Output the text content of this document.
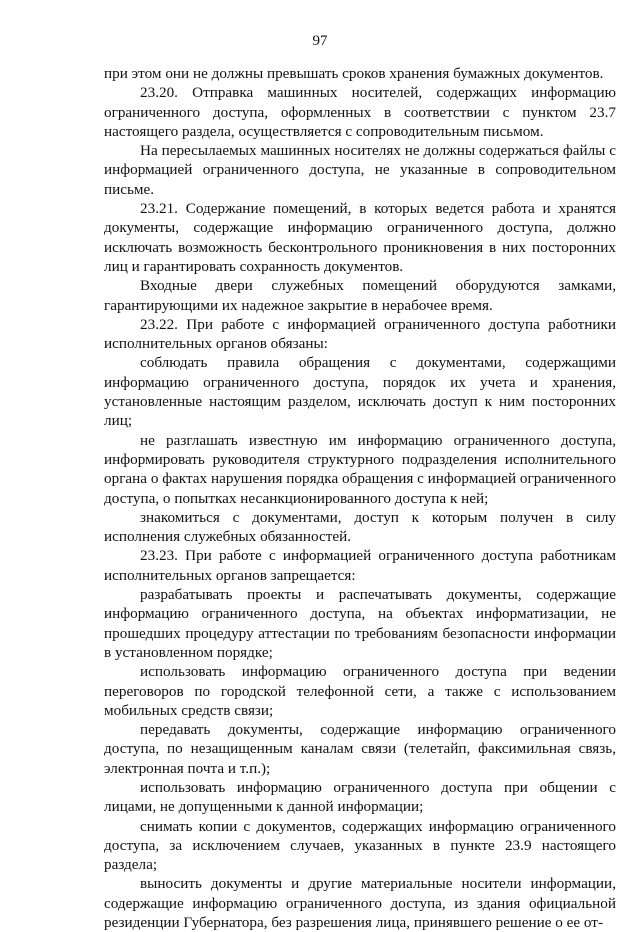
97

при этом они не должны превышать сроков хранения бумажных документов.

23.20. Отправка машинных носителей, содержащих информацию ограниченного доступа, оформленных в соответствии с пунктом 23.7 настоящего раздела, осуществляется с сопроводительным письмом.

На пересылаемых машинных носителях не должны содержаться файлы с информацией ограниченного доступа, не указанные в сопроводительном письме.

23.21. Содержание помещений, в которых ведется работа и хранятся документы, содержащие информацию ограниченного доступа, должно исключать возможность бесконтрольного проникновения в них посторонних лиц и гарантировать сохранность документов.

Входные двери служебных помещений оборудуются замками, гарантирующими их надежное закрытие в нерабочее время.

23.22. При работе с информацией ограниченного доступа работники исполнительных органов обязаны:

соблюдать правила обращения с документами, содержащими информацию ограниченного доступа, порядок их учета и хранения, установленные настоящим разделом, исключать доступ к ним посторонних лиц;

не разглашать известную им информацию ограниченного доступа, информировать руководителя структурного подразделения исполнительного органа о фактах нарушения порядка обращения с информацией ограниченного доступа, о попытках несанкционированного доступа к ней;

знакомиться с документами, доступ к которым получен в силу исполнения служебных обязанностей.

23.23. При работе с информацией ограниченного доступа работникам исполнительных органов запрещается:

разрабатывать проекты и распечатывать документы, содержащие информацию ограниченного доступа, на объектах информатизации, не прошедших процедуру аттестации по требованиям безопасности информации в установленном порядке;

использовать информацию ограниченного доступа при ведении переговоров по городской телефонной сети, а также с использованием мобильных средств связи;

передавать документы, содержащие информацию ограниченного доступа, по незащищенным каналам связи (телетайп, факсимильная связь, электронная почта и т.п.);

использовать информацию ограниченного доступа при общении с лицами, не допущенными к данной информации;

снимать копии с документов, содержащих информацию ограниченного доступа, за исключением случаев, указанных в пункте 23.9 настоящего раздела;

выносить документы и другие материальные носители информации, содержащие информацию ограниченного доступа, из здания официальной резиденции Губернатора, без разрешения лица, принявшего решение о ее от-
